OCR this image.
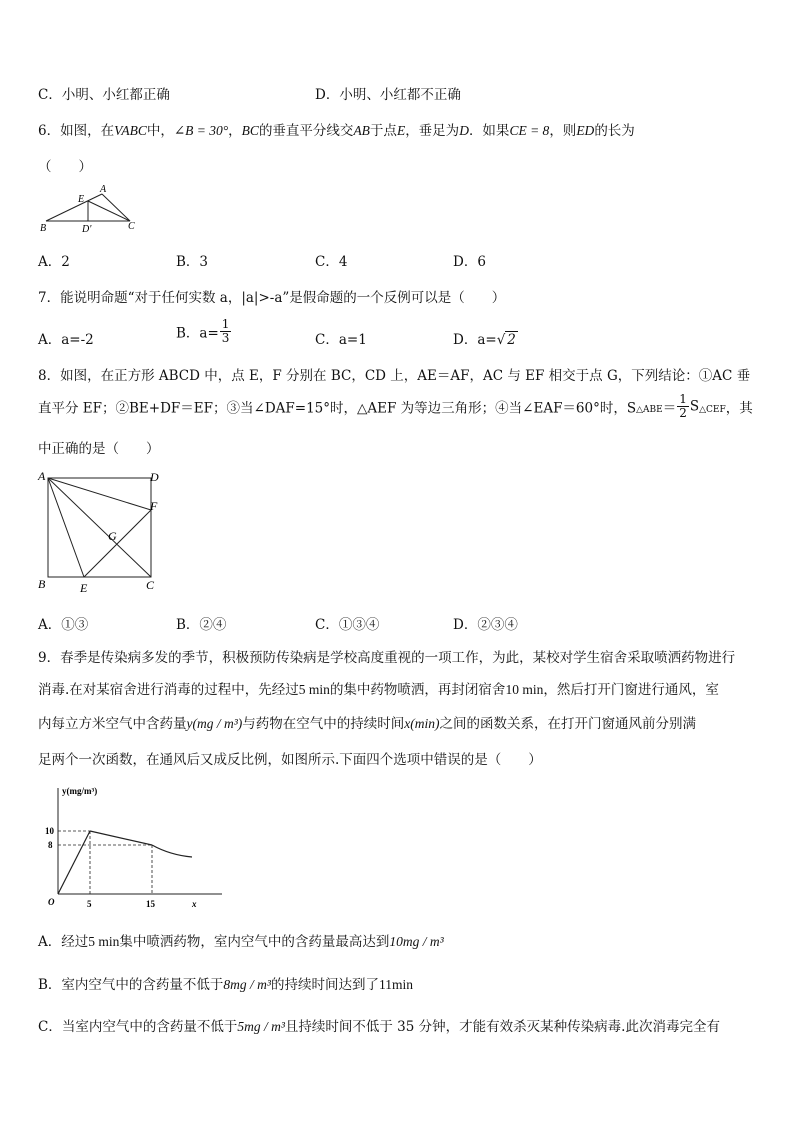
C．小明、小红都正确	D．小明、小红都不正确
6．如图，在VABC中，∠B = 30°，BC的垂直平分线交AB于点E，垂足为D．如果CE = 8，则ED的长为
（　　）
A
E
B	D'	C
A．2	B．3	C．4	D．6
7．能说明命题“对于任何实数 a，|a|>-a”是假命题的一个反例可以是（　　）
A．a=-2	B．$a= \frac{1}{3}$	C．a=1	D．a=√ 2
8．如图，在正方形 ABCD 中，点 E，F 分别在 BC，CD 上，AE＝AF，AC 与 EF 相交于点 G，下列结论：①AC 垂
直平分 EF；②BE+DF＝EF；③当∠DAF=15°时，△AEF 为等边三角形；④当∠EAF＝60°时，$S_{\triangle ABE}= \frac{1}{2} S_{\triangle CEF}$，其
中正确的是（　　）
A	D
F
G
B	E	C
A．①③	B．②④	C．①③④	D．②③④
9．春季是传染病多发的季节，积极预防传染病是学校高度重视的一项工作，为此，某校对学生宿舍采取喷洒药物进行
消毒.在对某宿舍进行消毒的过程中，先经过5 min的集中药物喷洒，再封闭宿舍10 min，然后打开门窗进行通风，室
内每立方米空气中含药量y(mg / m³)与药物在空气中的持续时间x(min)之间的函数关系，在打开门窗通风前分别满
足两个一次函数，在通风后又成反比例，如图所示.下面四个选项中错误的是（　　）
y(mg/m³)
10
8
O	5	15	x
A．经过5 min集中喷洒药物，室内空气中的含药量最高达到10mg / m³
B．室内空气中的含药量不低于8mg / m³的持续时间达到了11min
C．当室内空气中的含药量不低于5mg / m³且持续时间不低于 35 分钟，才能有效杀灭某种传染病毒.此次消毒完全有
